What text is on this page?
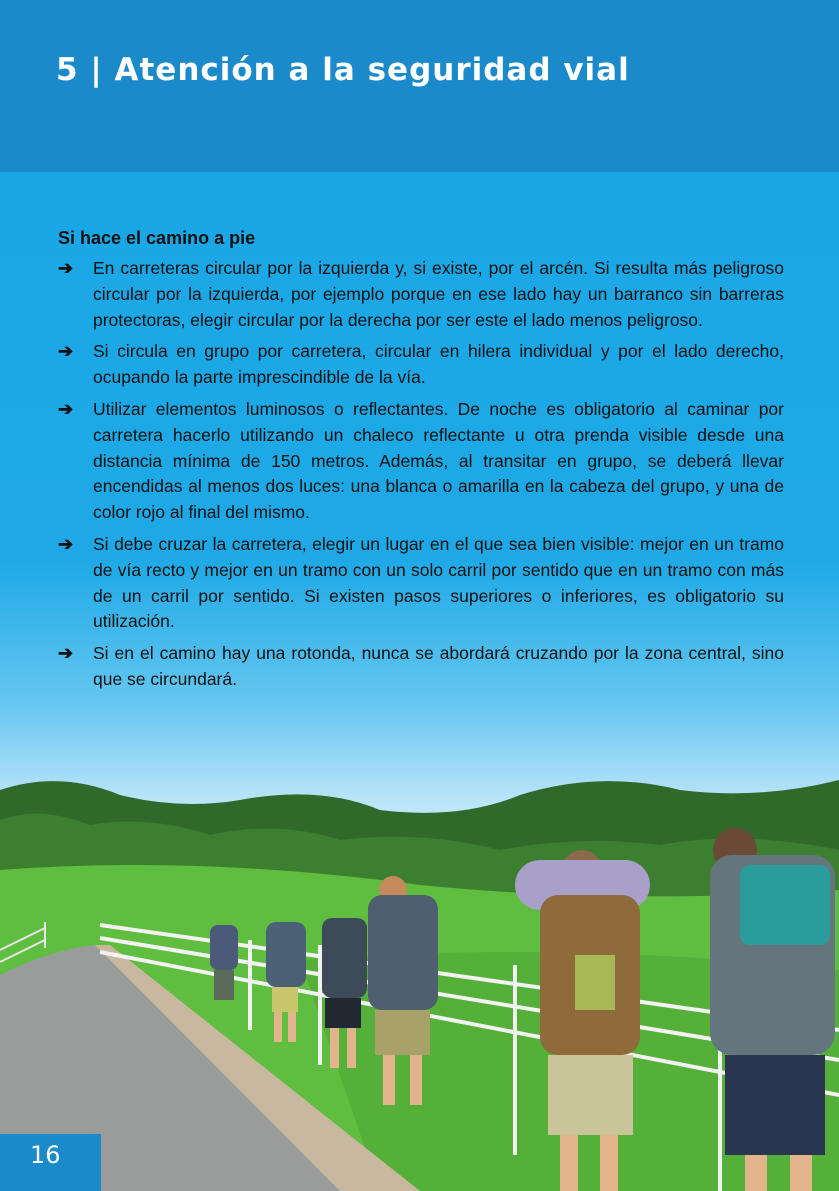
5 | Atención a la seguridad vial
Si hace el camino a pie
➔ En carreteras circular por la izquierda y, si existe, por el arcén. Si resulta más peligroso circular por la izquierda, por ejemplo porque en ese lado hay un barranco sin barreras protectoras, elegir circular por la derecha por ser este el lado menos peligroso.
➔ Si circula en grupo por carretera, circular en hilera individual y por el lado derecho, ocupando la parte imprescindible de la vía.
➔ Utilizar elementos luminosos o reflectantes. De noche es obligatorio al caminar por carretera hacerlo utilizando un chaleco reflectante u otra prenda visible desde una distancia mínima de 150 metros. Además, al transitar en grupo, se deberá llevar encendidas al menos dos luces: una blanca o amarilla en la cabeza del grupo, y una de color rojo al final del mismo.
➔ Si debe cruzar la carretera, elegir un lugar en el que sea bien visible: mejor en un tramo de vía recto y mejor en un tramo con un solo carril por sentido que en un tramo con más de un carril por sentido. Si existen pasos superiores o inferiores, es obligatorio su utilización.
➔ Si en el camino hay una rotonda, nunca se abordará cruzando por la zona central, sino que se circundará.
16
